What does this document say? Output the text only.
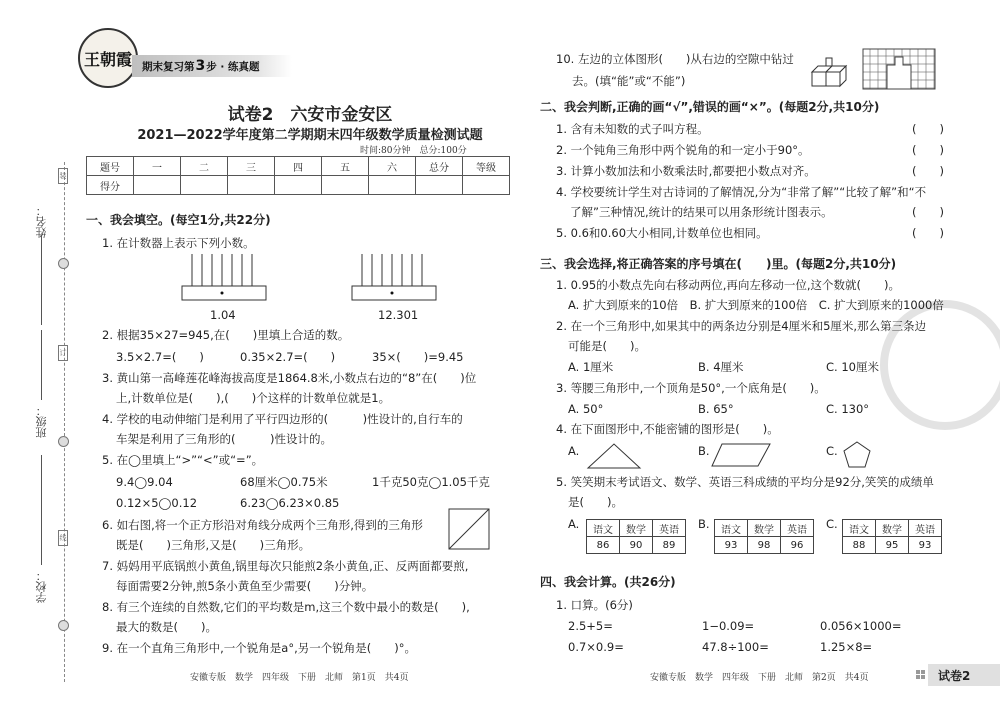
姓名：
班级：
学校：
装
订
线
王朝霞 期末复习第 3 步 · 练真题
试卷2　六安市金安区
2021—2022学年度第二学期期末四年级数学质量检测试题
时间:80分钟　总分:100分
题号	一	二	三	四	五	六	总分	等级
得分								
一、我会填空。(每空1分,共22分)
1. 在计数器上表示下列小数。
1.04	12.301
2. 根据35×27=945,在(　　)里填上合适的数。
3.5×2.7=(　　)	0.35×2.7=(　　)	35×(　　)=9.45
3. 黄山第一高峰莲花峰海拔高度是1864.8米,小数点右边的“8”在(　　)位
上,计数单位是(　　),(　　)个这样的计数单位就是1。
4. 学校的电动伸缩门是利用了平行四边形的(　　　)性设计的,自行车的
车架是利用了三角形的(　　　)性设计的。
5. 在◯里填上“>”“<”或“=”。
9.4◯9.04	68厘米◯0.75米	1千克50克◯1.05千克
0.12×5◯0.12	6.23◯6.23×0.85
6. 如右图,将一个正方形沿对角线分成两个三角形,得到的三角形
既是(　　)三角形,又是(　　)三角形。
7. 妈妈用平底锅煎小黄鱼,锅里每次只能煎2条小黄鱼,正、反两面都要煎,
每面需要2分钟,煎5条小黄鱼至少需要(　　)分钟。
8. 有三个连续的自然数,它们的平均数是m,这三个数中最小的数是(　　),
最大的数是(　　)。
9. 在一个直角三角形中,一个锐角是a°,另一个锐角是(　　)°。
安徽专版　数学　四年级　下册　北师　第1页　共4页
10. 左边的立体图形(　　)从右边的空隙中钻过
去。(填“能”或“不能”)
二、我会判断,正确的画“√”,错误的画“×”。(每题2分,共10分)
1. 含有未知数的式子叫方程。
2. 一个钝角三角形中两个锐角的和一定小于90°。
3. 计算小数加法和小数乘法时,都要把小数点对齐。
4. 学校要统计学生对古诗词的了解情况,分为“非常了解”“比较了解”和“不
了解”三种情况,统计的结果可以用条形统计图表示。
5. 0.6和0.60大小相同,计数单位也相同。
(　　)
(　　)
(　　)
(　　)
(　　)
三、我会选择,将正确答案的序号填在(　　)里。(每题2分,共10分)
1. 0.95的小数点先向右移动两位,再向左移动一位,这个数就(　　)。
A. 扩大到原来的10倍　B. 扩大到原来的100倍　C. 扩大到原来的1000倍
2. 在一个三角形中,如果其中的两条边分别是4厘米和5厘米,那么第三条边
可能是(　　)。
A. 1厘米	B. 4厘米	C. 10厘米
3. 等腰三角形中,一个顶角是50°,一个底角是(　　)。
A. 50°	B. 65°	C. 130°
4. 在下面图形中,不能密铺的图形是(　　)。
A.	B.	C.
5. 笑笑期末考试语文、数学、英语三科成绩的平均分是92分,笑笑的成绩单
是(　　)。
A. 语文	数学	英语
86	90	89
B. 语文	数学	英语
93	98	96
C. 语文	数学	英语
88	95	93
四、我会计算。(共26分)
1. 口算。(6分)
2.5+5=	1−0.09=	0.056×1000=
0.7×0.9=	47.8÷100=	1.25×8=
安徽专版　数学　四年级　下册　北师　第2页　共4页	试卷2
